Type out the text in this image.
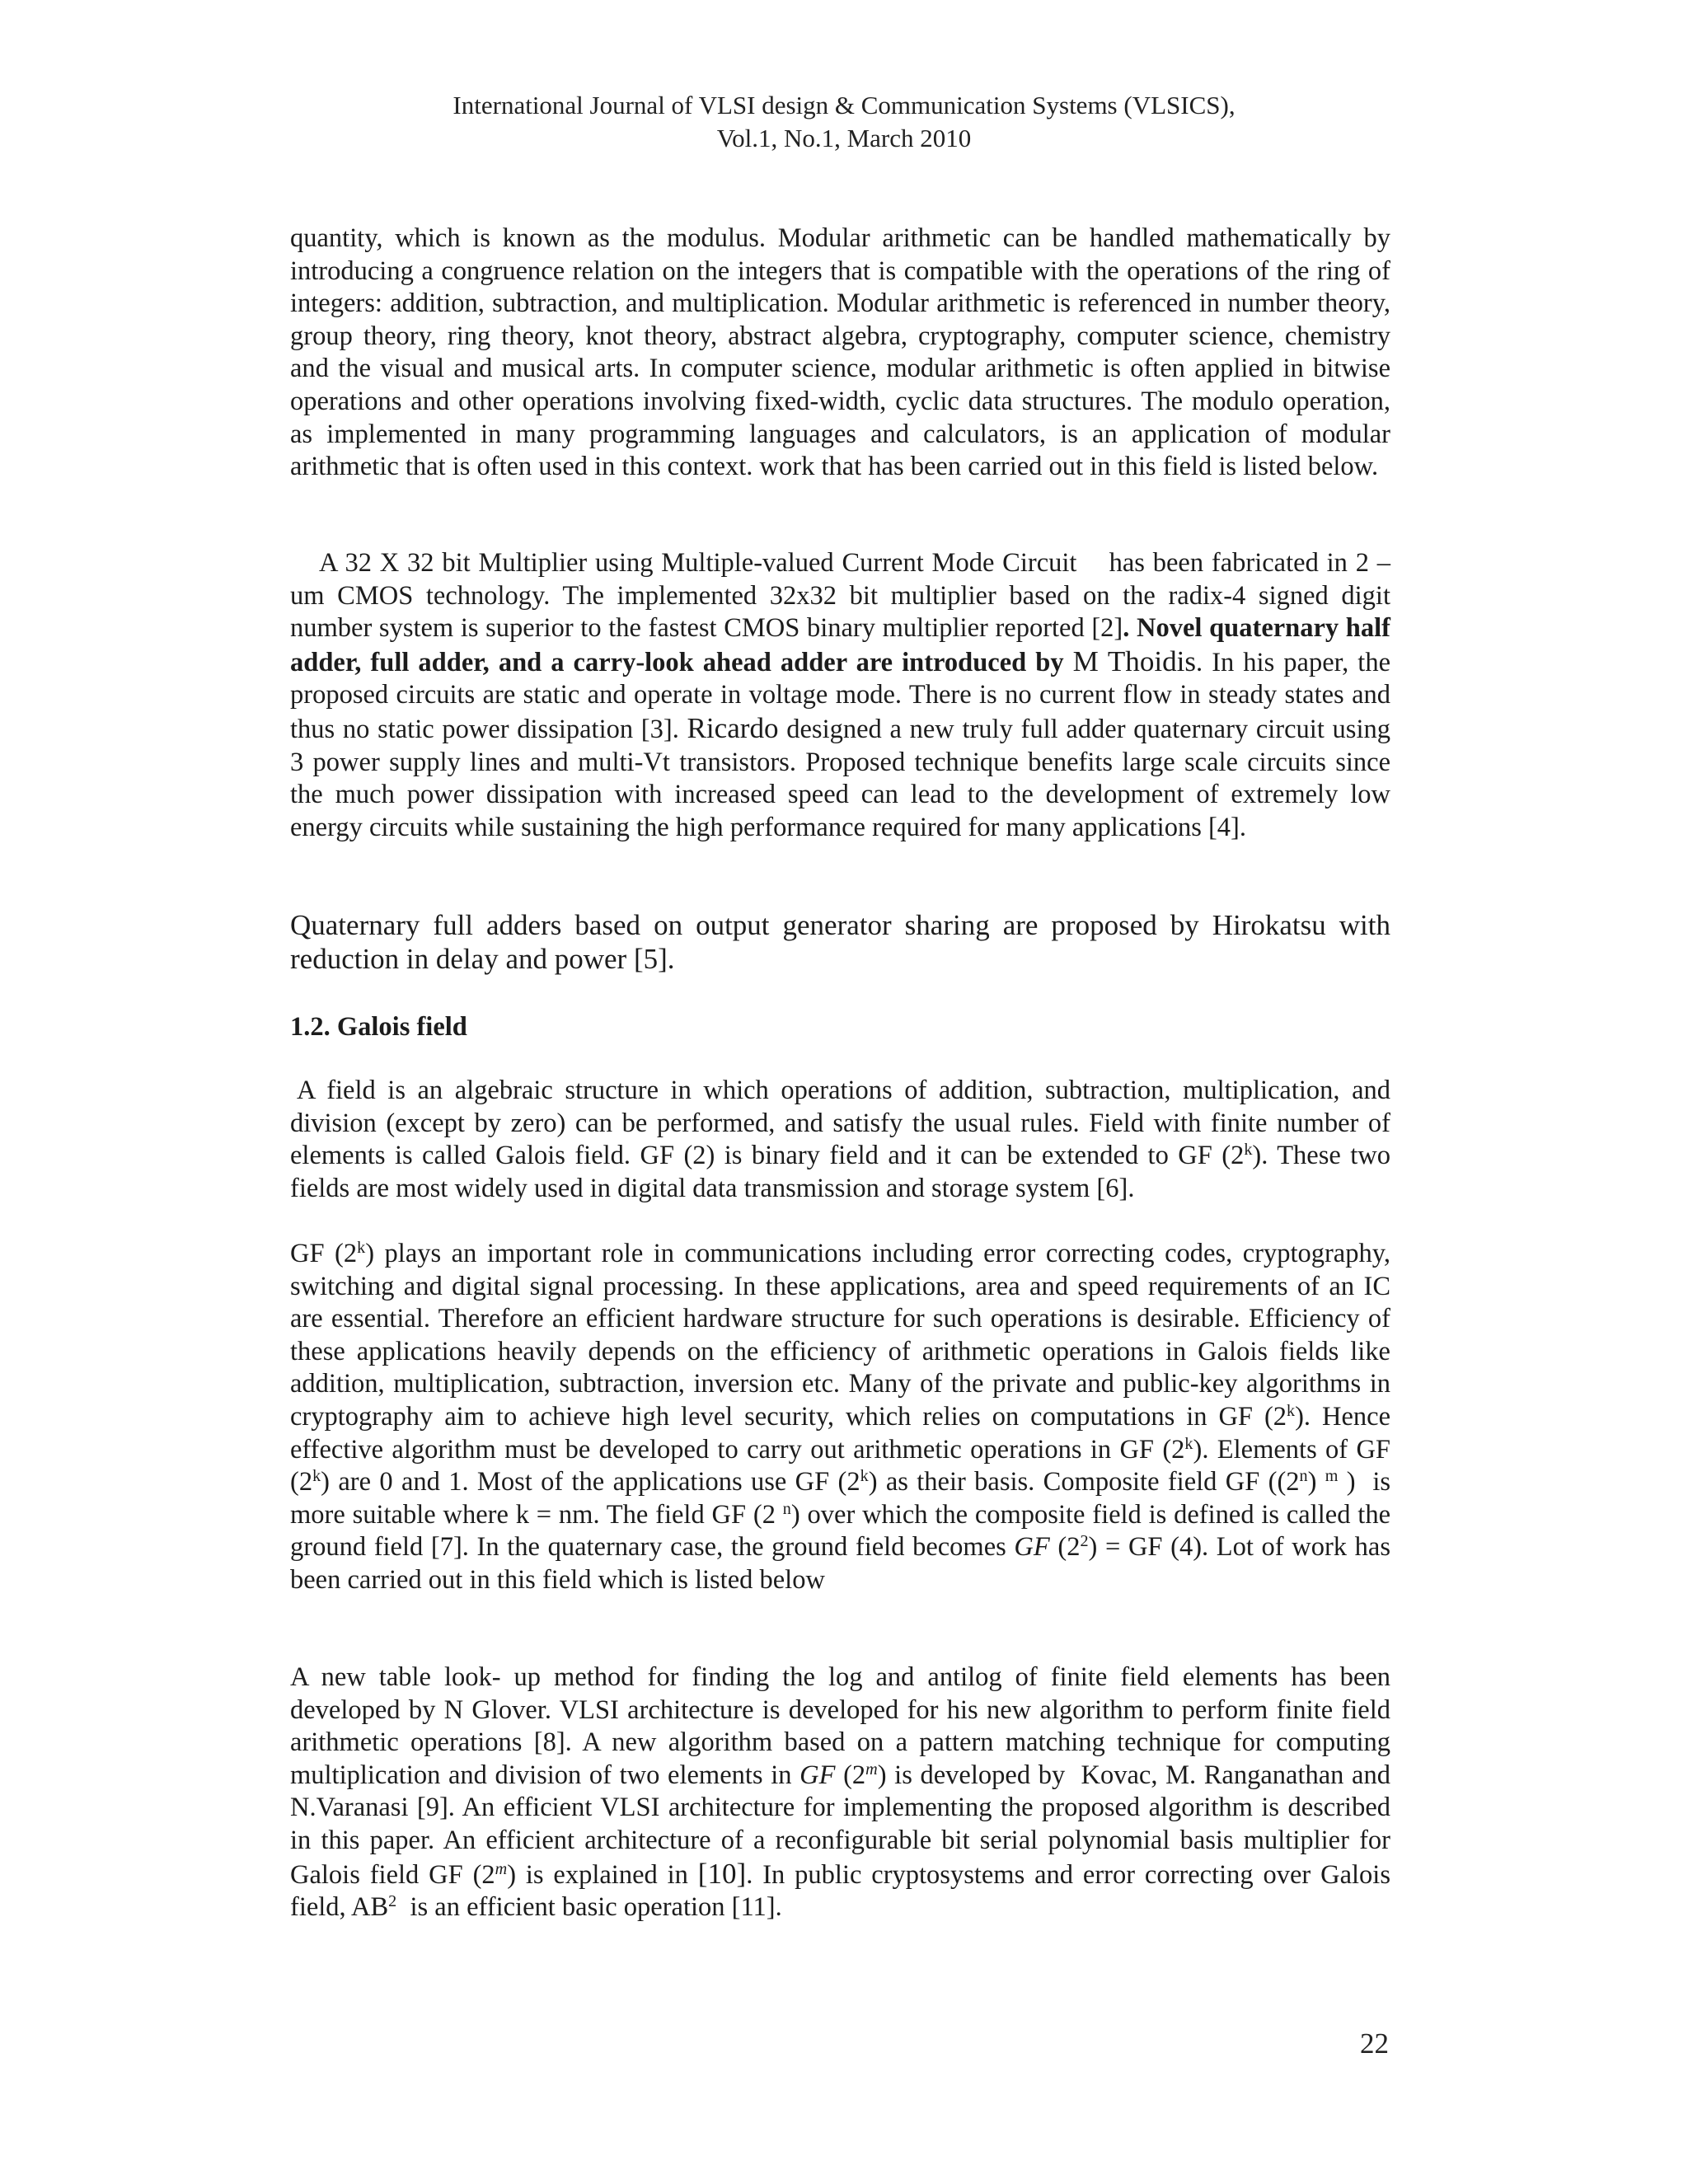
International Journal of VLSI design & Communication Systems (VLSICS),
Vol.1, No.1, March 2010

quantity, which is known as the modulus. Modular arithmetic can be handled mathematically by introducing a congruence relation on the integers that is compatible with the operations of the ring of integers: addition, subtraction, and multiplication. Modular arithmetic is referenced in number theory, group theory, ring theory, knot theory, abstract algebra, cryptography, computer science, chemistry and the visual and musical arts. In computer science, modular arithmetic is often applied in bitwise operations and other operations involving fixed-width, cyclic data structures. The modulo operation, as implemented in many programming languages and calculators, is an application of modular arithmetic that is often used in this context. work that has been carried out in this field is listed below.

A 32 X 32 bit Multiplier using Multiple-valued Current Mode Circuit    has been fabricated in 2 –um CMOS technology. The implemented 32x32 bit multiplier based on the radix-4 signed digit number system is superior to the fastest CMOS binary multiplier reported [2]. Novel quaternary half adder, full adder, and a carry-look ahead adder are introduced by M Thoidis. In his paper, the proposed circuits are static and operate in voltage mode. There is no current flow in steady states and thus no static power dissipation [3]. Ricardo designed a new truly full adder quaternary circuit using 3 power supply lines and multi-Vt transistors. Proposed technique benefits large scale circuits since the much power dissipation with increased speed can lead to the development of extremely low energy circuits while sustaining the high performance required for many applications [4].

Quaternary full adders based on output generator sharing are proposed by Hirokatsu with reduction in delay and power [5].

1.2. Galois field

A field is an algebraic structure in which operations of addition, subtraction, multiplication, and division (except by zero) can be performed, and satisfy the usual rules. Field with finite number of elements is called Galois field. GF (2) is binary field and it can be extended to GF (2$^k$). These two fields are most widely used in digital data transmission and storage system [6].

GF (2$^k$) plays an important role in communications including error correcting codes, cryptography, switching and digital signal processing. In these applications, area and speed requirements of an IC are essential. Therefore an efficient hardware structure for such operations is desirable. Efficiency of these applications heavily depends on the efficiency of arithmetic operations in Galois fields like addition, multiplication, subtraction, inversion etc. Many of the private and public-key algorithms in cryptography aim to achieve high level security, which relies on computations in GF (2$^k$). Hence effective algorithm must be developed to carry out arithmetic operations in GF (2$^k$). Elements of GF (2$^k$) are 0 and 1. Most of the applications use GF (2$^k$) as their basis. Composite field GF ((2$^n$) $^m$ )  is more suitable where k = nm. The field GF (2 $^n$) over which the composite field is defined is called the ground field [7]. In the quaternary case, the ground field becomes GF $(2^2)$ = GF (4). Lot of work has been carried out in this field which is listed below

A new table look- up method for finding the log and antilog of finite field elements has been developed by N Glover. VLSI architecture is developed for his new algorithm to perform finite field arithmetic operations [8]. A new algorithm based on a pattern matching technique for computing multiplication and division of two elements in GF (2$^m$) is developed by  Kovac, M. Ranganathan and N.Varanasi [9]. An efficient VLSI architecture for implementing the proposed algorithm is described in this paper. An efficient architecture of a reconfigurable bit serial polynomial basis multiplier for Galois field GF (2$^m$) is explained in [10]. In public cryptosystems and error correcting over Galois field, $AB^2$  is an efficient basic operation [11].

22
